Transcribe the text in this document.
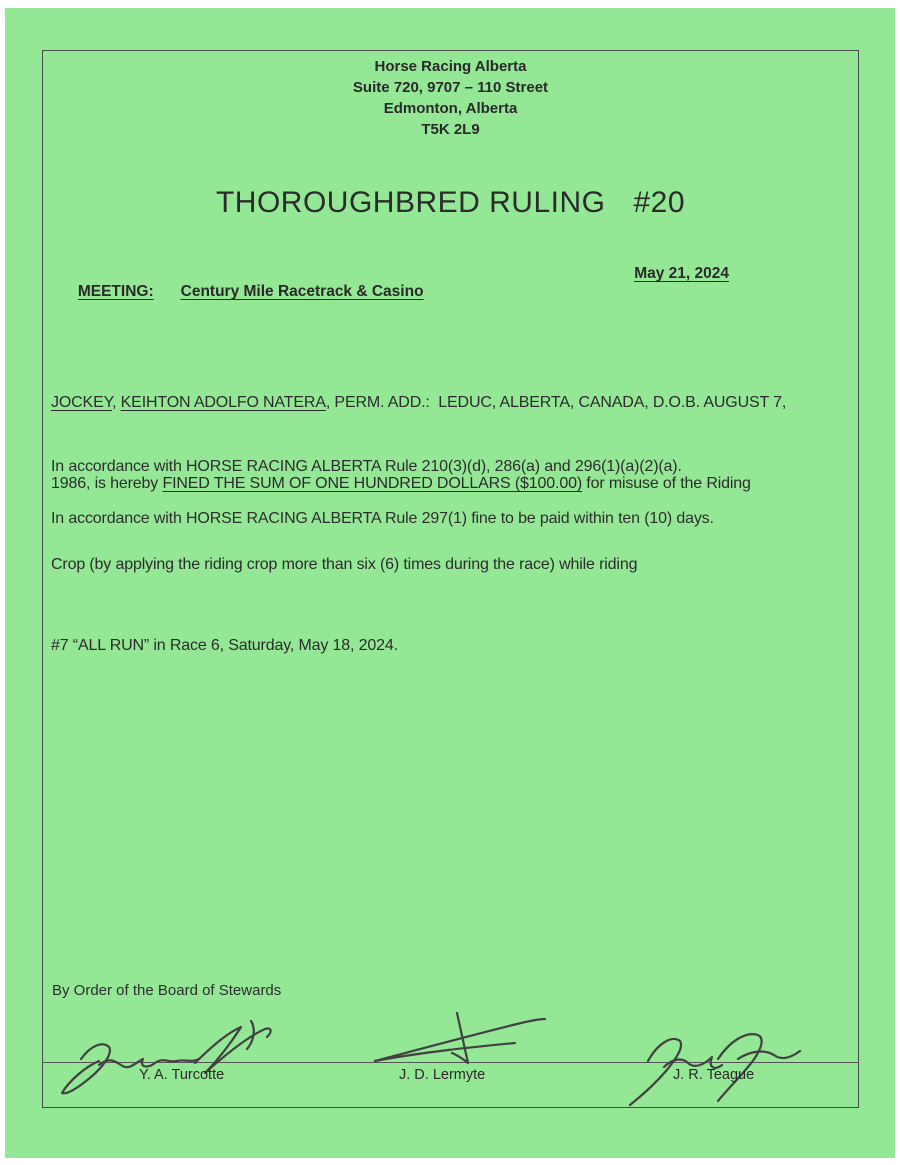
Horse Racing Alberta
Suite 720, 9707 – 110 Street
Edmonton, Alberta
T5K 2L9
THOROUGHBRED RULING #20

MEETING: Century Mile Racetrack & Casino

May 21, 2024

JOCKEY, KEIHTON ADOLFO NATERA, PERM. ADD.:  LEDUC, ALBERTA, CANADA, D.O.B. AUGUST 7,

1986, is hereby FINED THE SUM OF ONE HUNDRED DOLLARS ($100.00) for misuse of the Riding

Crop (by applying the riding crop more than six (6) times during the race) while riding

#7 “ALL RUN” in Race 6, Saturday, May 18, 2024.

In accordance with HORSE RACING ALBERTA Rule 210(3)(d), 286(a) and 296(1)(a)(2)(a).
In accordance with HORSE RACING ALBERTA Rule 297(1) fine to be paid within ten (10) days.
By Order of the Board of Stewards
Y. A. Turcotte	J. D. Lermyte	J. R. Teague
